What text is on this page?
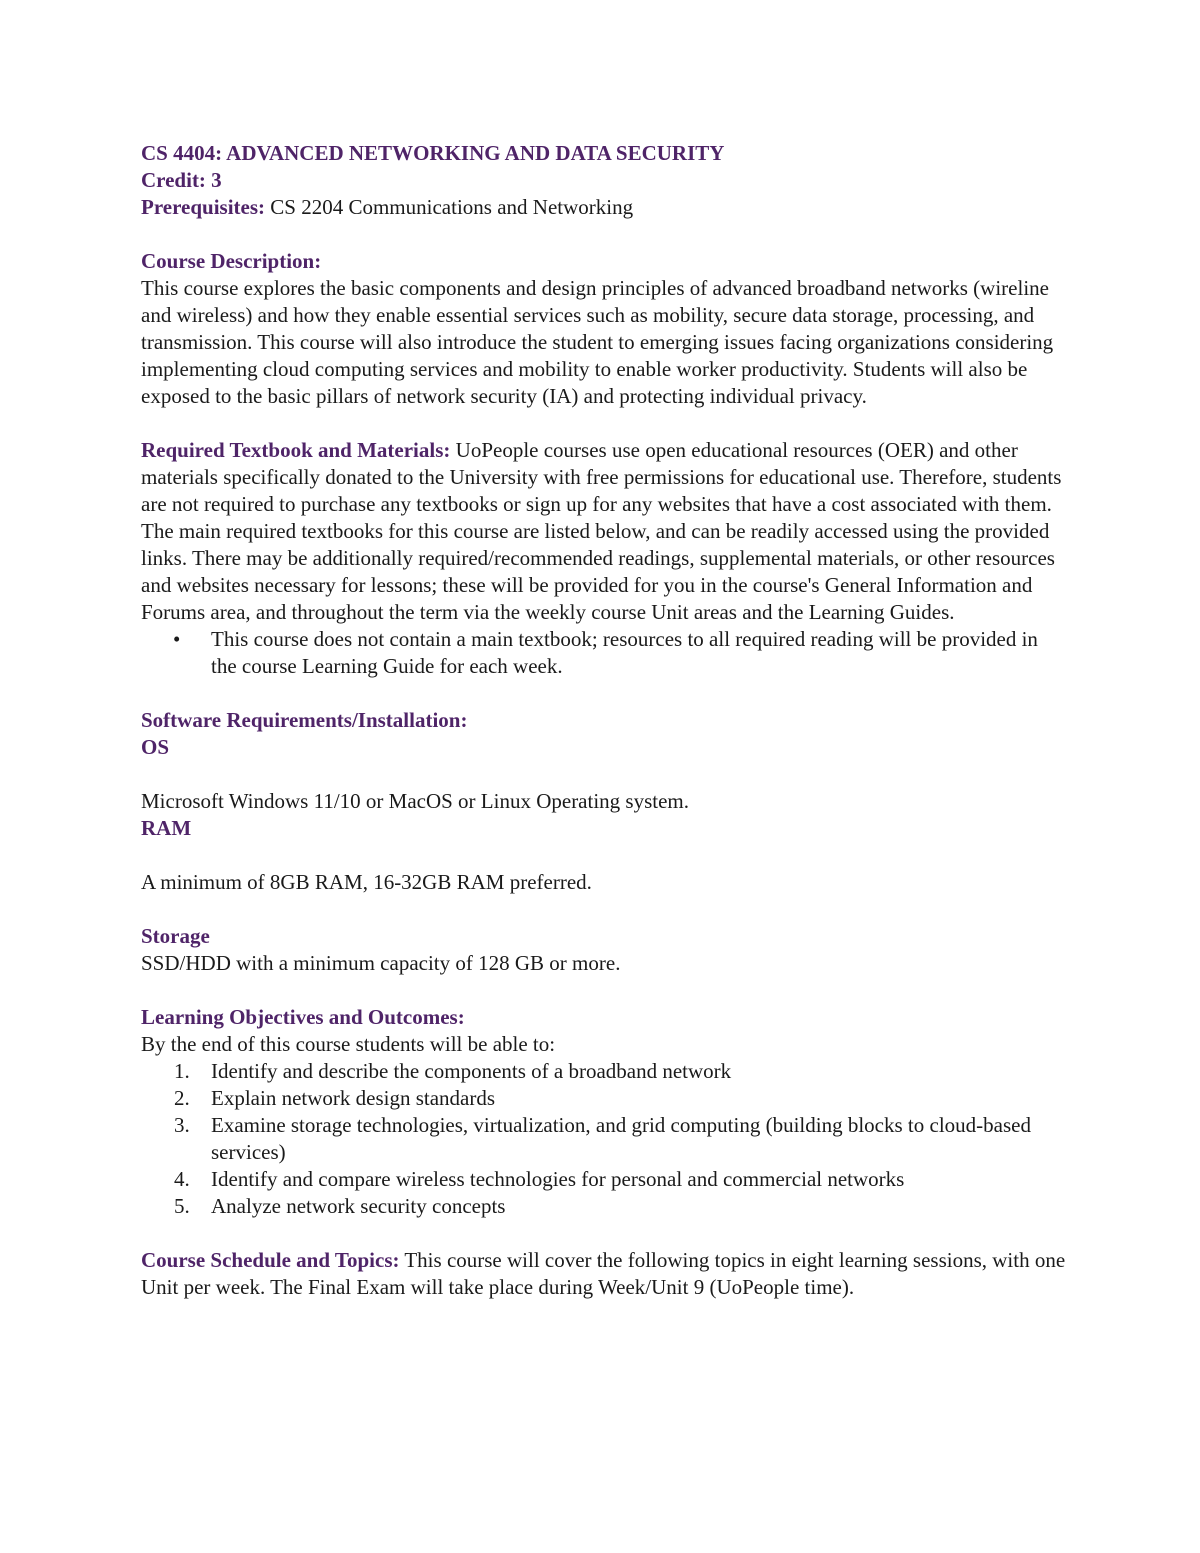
CS 4404: ADVANCED NETWORKING AND DATA SECURITY

Credit: 3

Prerequisites: CS 2204 Communications and Networking

Course Description:

This course explores the basic components and design principles of advanced broadband networks (wireline and wireless) and how they enable essential services such as mobility, secure data storage, processing, and transmission. This course will also introduce the student to emerging issues facing organizations considering implementing cloud computing services and mobility to enable worker productivity. Students will also be exposed to the basic pillars of network security (IA) and protecting individual privacy.

Required Textbook and Materials: UoPeople courses use open educational resources (OER) and other materials specifically donated to the University with free permissions for educational use. Therefore, students are not required to purchase any textbooks or sign up for any websites that have a cost associated with them. The main required textbooks for this course are listed below, and can be readily accessed using the provided links. There may be additionally required/recommended readings, supplemental materials, or other resources and websites necessary for lessons; these will be provided for you in the course's General Information and Forums area, and throughout the term via the weekly course Unit areas and the Learning Guides.

• This course does not contain a main textbook; resources to all required reading will be provided in the course Learning Guide for each week.

Software Requirements/Installation:

OS

Microsoft Windows 11/10 or MacOS or Linux Operating system.

RAM

A minimum of 8GB RAM, 16-32GB RAM preferred.

Storage

SSD/HDD with a minimum capacity of 128 GB or more.

Learning Objectives and Outcomes:

By the end of this course students will be able to:

1. Identify and describe the components of a broadband network
2. Explain network design standards
3. Examine storage technologies, virtualization, and grid computing (building blocks to cloud-based services)
4. Identify and compare wireless technologies for personal and commercial networks
5. Analyze network security concepts

Course Schedule and Topics: This course will cover the following topics in eight learning sessions, with one Unit per week. The Final Exam will take place during Week/Unit 9 (UoPeople time).
